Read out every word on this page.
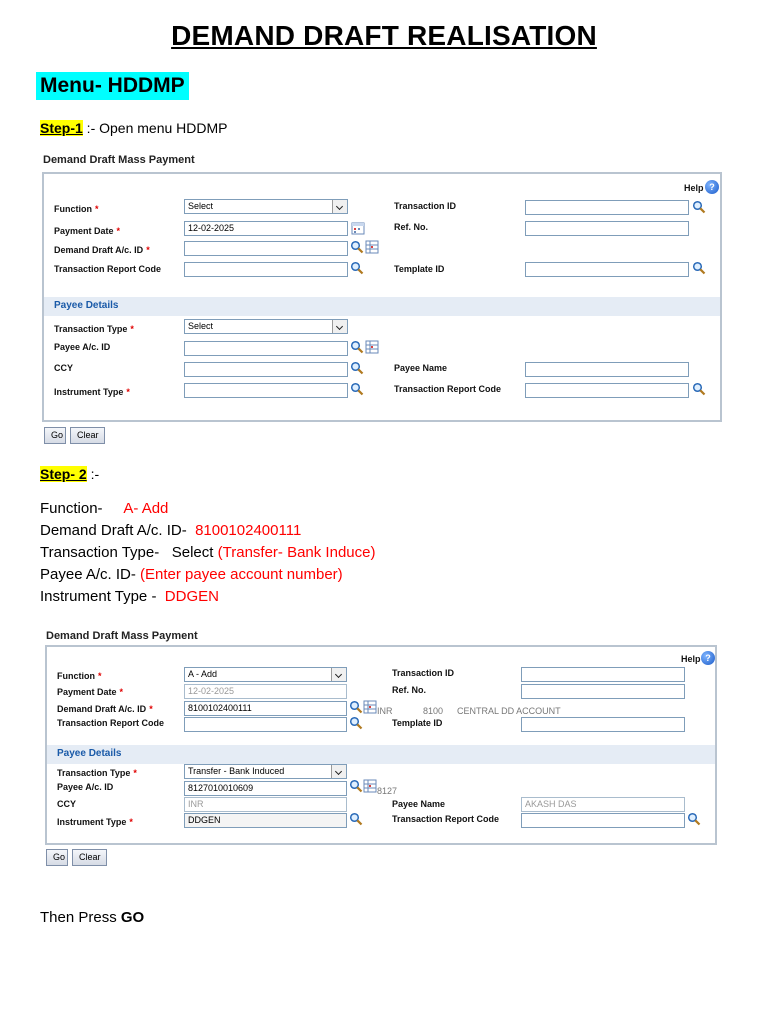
DEMAND DRAFT REALISATION
Menu- HDDMP
Step-1 :- Open menu HDDMP
Demand Draft Mass Payment
Help ?
Function *	Select	Transaction ID
Payment Date *	12-02-2025	Ref. No.
Demand Draft A/c. ID *
Transaction Report Code	Template ID
Payee Details
Transaction Type *	Select
Payee A/c. ID
CCY	Payee Name
Instrument Type *	Transaction Report Code
Go	Clear
Step- 2 :-
Function- A- Add
Demand Draft A/c. ID- 8100102400111
Transaction Type- Select (Transfer- Bank Induce)
Payee A/c. ID- (Enter payee account number)
Instrument Type - DDGEN
Demand Draft Mass Payment
Help ?
Function *	A - Add	Transaction ID
Payment Date *	12-02-2025	Ref. No.
Demand Draft A/c. ID *	8100102400111	INR	8100 CENTRAL DD ACCOUNT
Transaction Report Code	Template ID
Payee Details
Transaction Type *	Transfer - Bank Induced
Payee A/c. ID	8127010010609	8127
CCY	INR	Payee Name	AKASH DAS
Instrument Type *	DDGEN	Transaction Report Code
Go	Clear
Then Press GO
